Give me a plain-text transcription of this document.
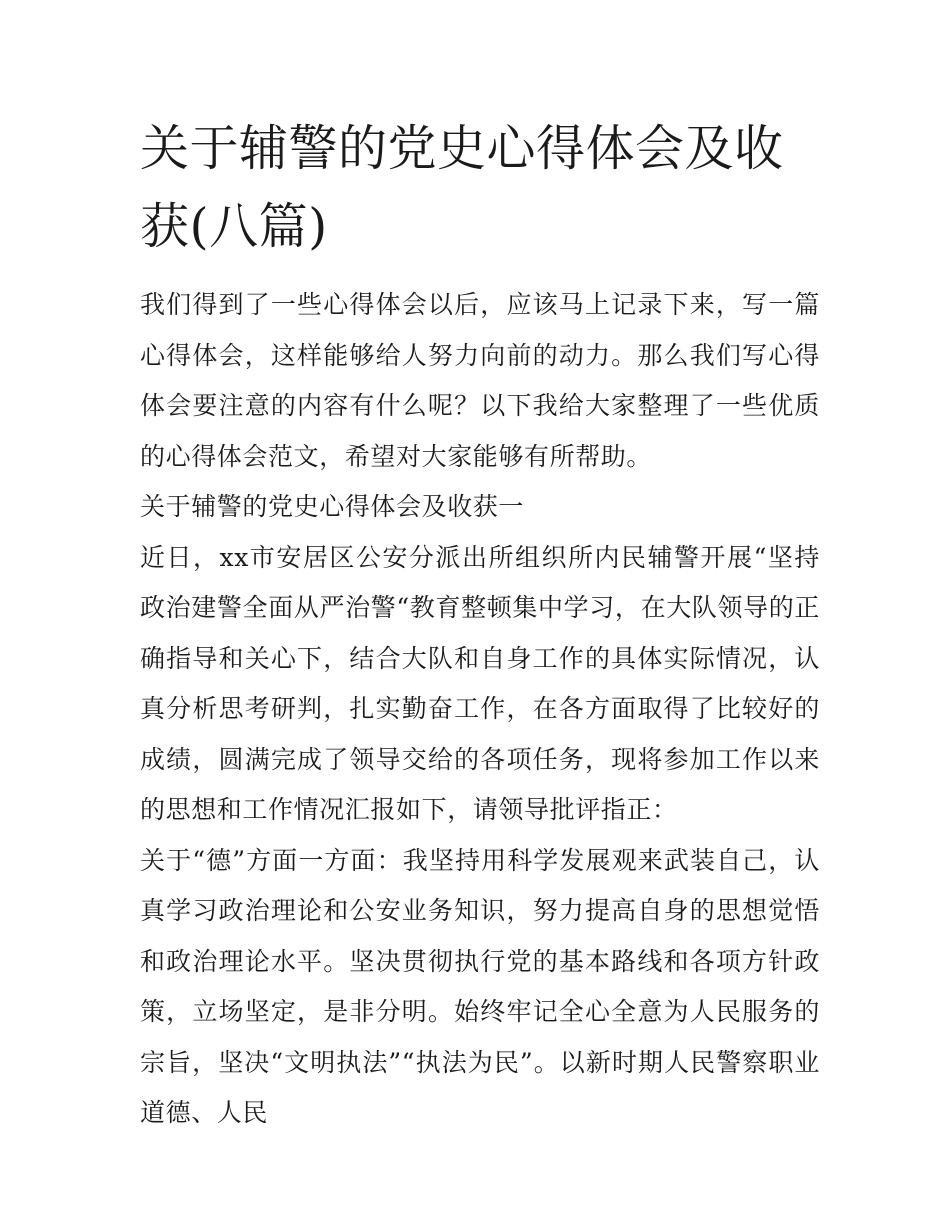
关于辅警的党史心得体会及收获(八篇)

我们得到了一些心得体会以后，应该马上记录下来，写一篇心得体会，这样能够给人努力向前的动力。那么我们写心得体会要注意的内容有什么呢？以下我给大家整理了一些优质的心得体会范文，希望对大家能够有所帮助。

关于辅警的党史心得体会及收获一

近日，xx市安居区公安分派出所组织所内民辅警开展“坚持政治建警全面从严治警“教育整顿集中学习，在大队领导的正确指导和关心下，结合大队和自身工作的具体实际情况，认真分析思考研判，扎实勤奋工作，在各方面取得了比较好的成绩，圆满完成了领导交给的各项任务，现将参加工作以来的思想和工作情况汇报如下，请领导批评指正：

关于“德”方面一方面：我坚持用科学发展观来武装自己，认真学习政治理论和公安业务知识，努力提高自身的思想觉悟和政治理论水平。坚决贯彻执行党的基本路线和各项方针政策，立场坚定，是非分明。始终牢记全心全意为人民服务的宗旨，坚决“文明执法”“执法为民”。以新时期人民警察职业道德、人民
